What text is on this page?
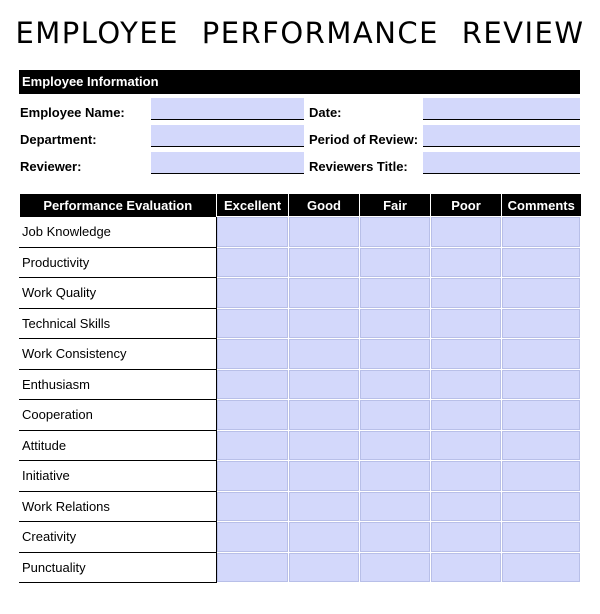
EMPLOYEE PERFORMANCE REVIEW
Employee Information
Employee Name:
Department:
Reviewer:
Date:
Period of Review:
Reviewers Title:
Performance Evaluation	Excellent	Good	Fair	Poor	Comments
Job Knowledge					
Productivity					
Work Quality					
Technical Skills					
Work Consistency					
Enthusiasm					
Cooperation					
Attitude					
Initiative					
Work Relations					
Creativity					
Punctuality					
